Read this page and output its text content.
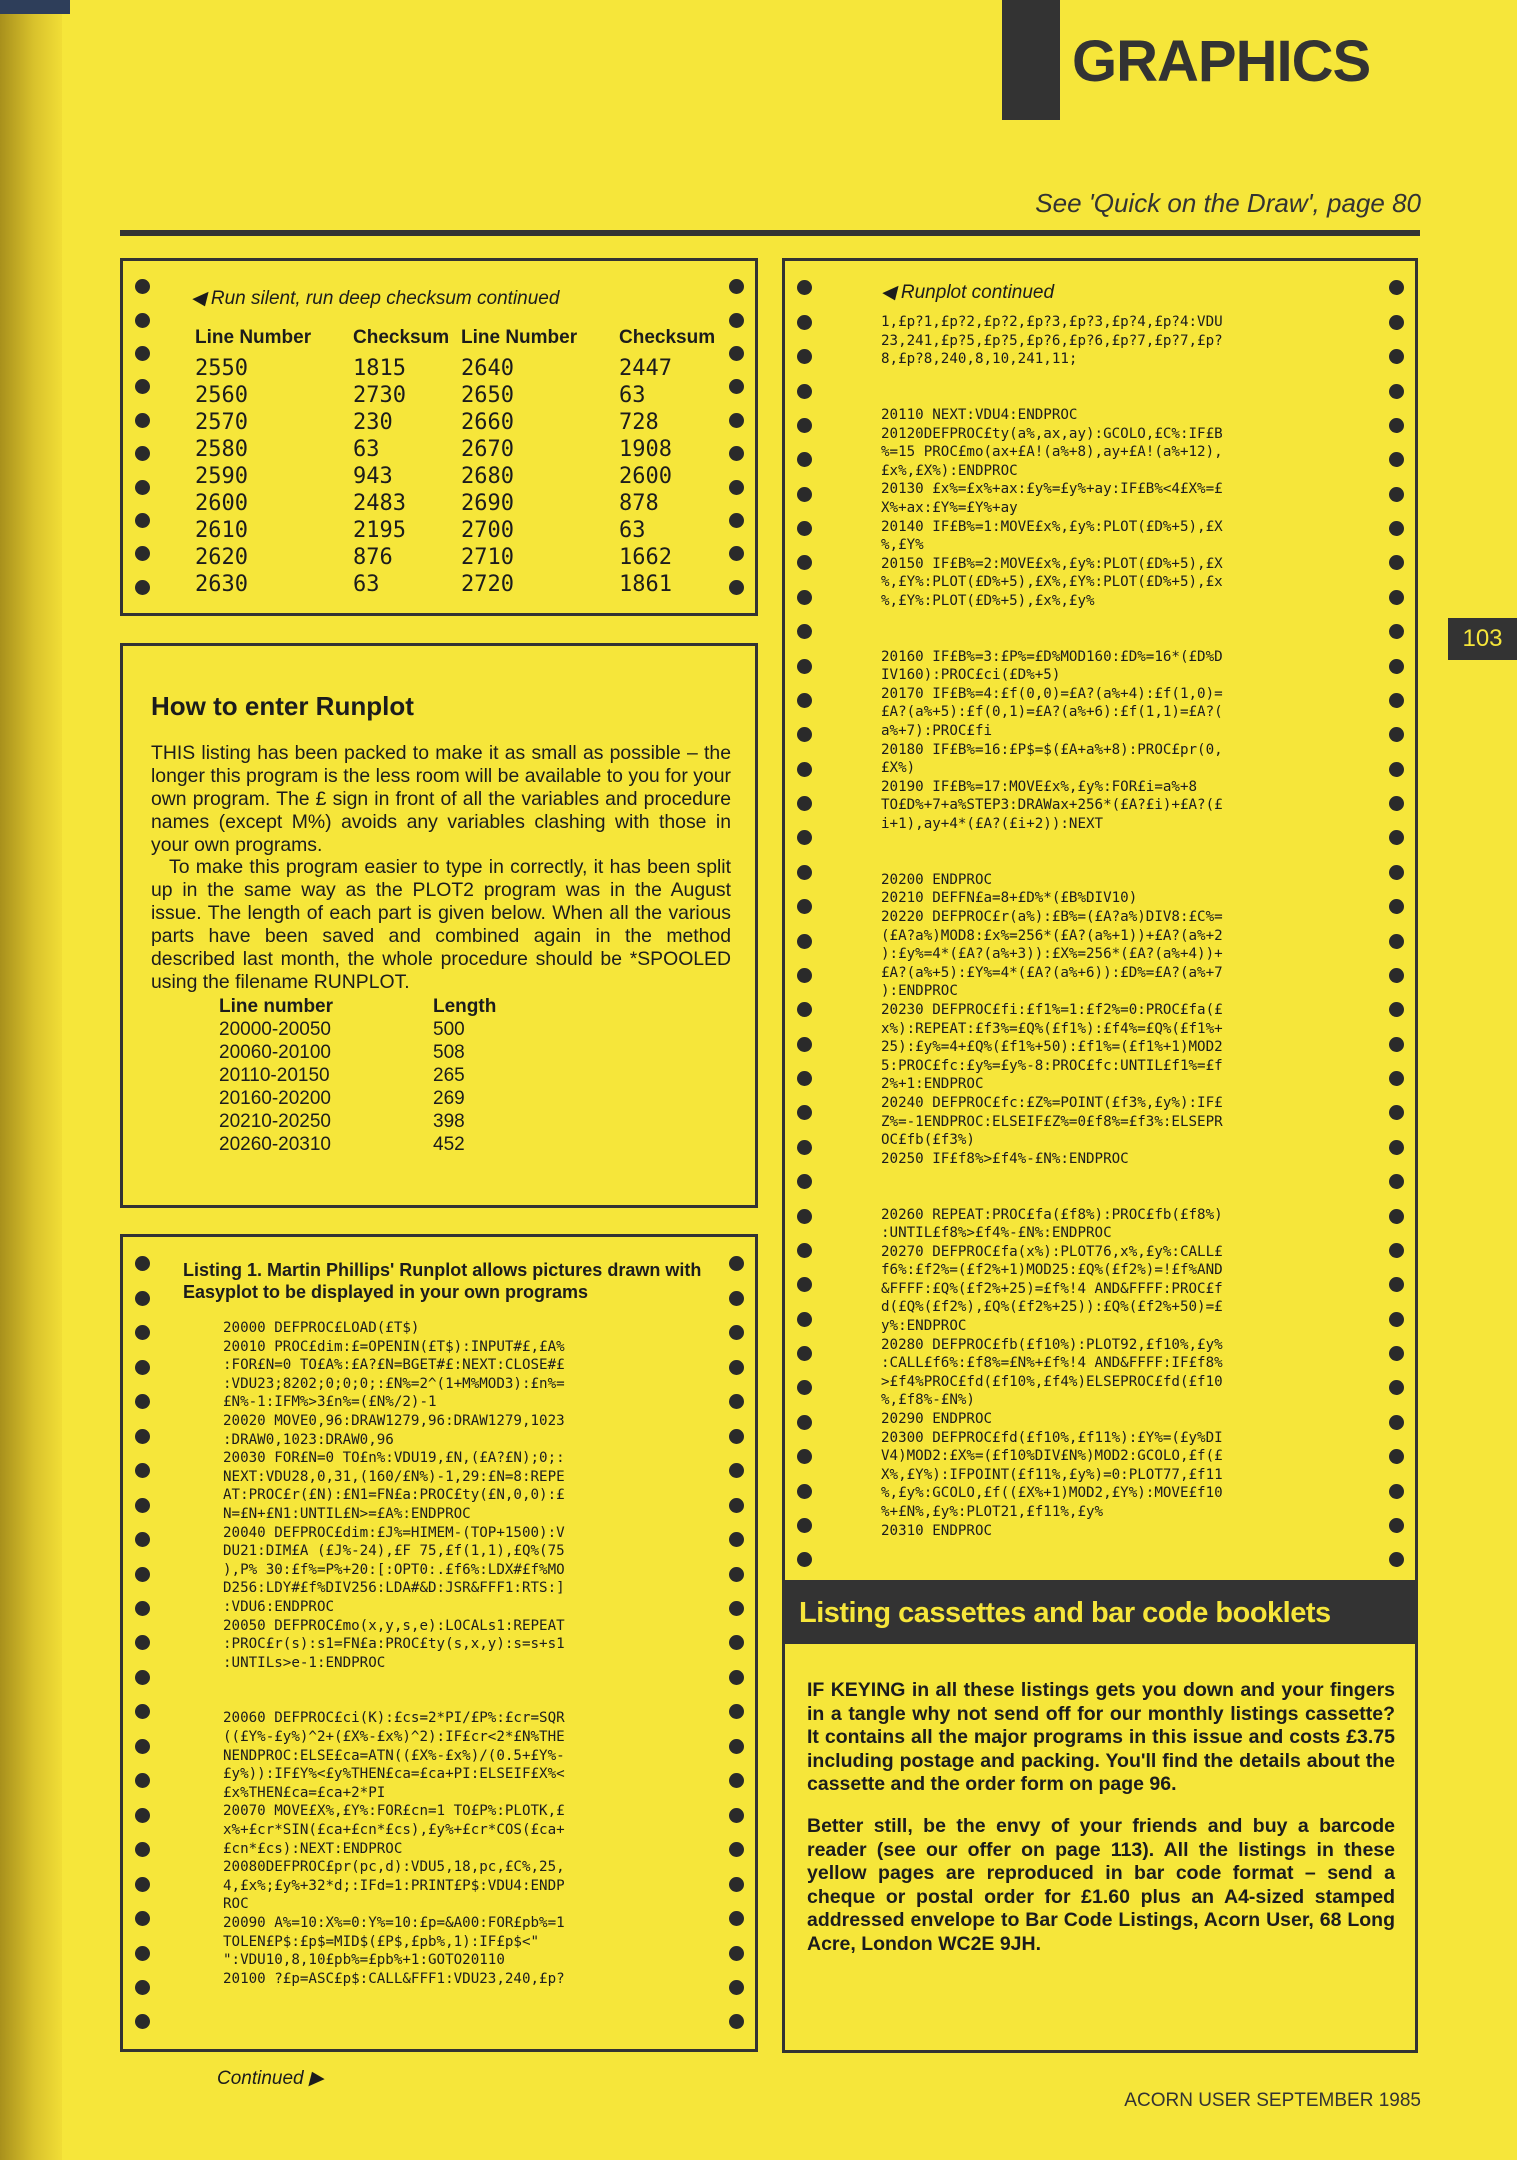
GRAPHICS
See 'Quick on the Draw', page 80
103
◀ Run silent, run deep checksum continued
Line Number	Checksum	Line Number	Checksum
2550	1815	2640	2447
2560	2730	2650	63
2570	230	2660	728
2580	63	2670	1908
2590	943	2680	2600
2600	2483	2690	878
2610	2195	2700	63
2620	876	2710	1662
2630	63	2720	1861
How to enter Runplot

THIS listing has been packed to make it as small as possible – the longer this program is the less room will be available to you for your own program. The £ sign in front of all the variables and procedure names (except M%) avoids any variables clashing with those in your own programs.

To make this program easier to type in correctly, it has been split up in the same way as the PLOT2 program was in the August issue. The length of each part is given below. When all the various parts have been saved and combined again in the method described last month, the whole procedure should be *SPOOLED using the filename RUNPLOT.

Line number	Length
20000-20050	500
20060-20100	508
20110-20150	265
20160-20200	269
20210-20250	398
20260-20310	452
Listing 1. Martin Phillips' Runplot allows pictures drawn with Easyplot to be displayed in your own programs
20000 DEFPROC£LOAD(£T$)
20010 PROC£dim:£=OPENIN(£T$):INPUT#£,£A%
:FOR£N=0 TO£A%:£A?£N=BGET#£:NEXT:CLOSE#£
:VDU23;8202;0;0;0;:£N%=2^(1+M%MOD3):£n%=
£N%-1:IFM%>3£n%=(£N%/2)-1
20020 MOVE0,96:DRAW1279,96:DRAW1279,1023
:DRAW0,1023:DRAW0,96
20030 FOR£N=0 TO£n%:VDU19,£N,(£A?£N);0;:
NEXT:VDU28,0,31,(160/£N%)-1,29:£N=8:REPE
AT:PROC£r(£N):£N1=FN£a:PROC£ty(£N,0,0):£
N=£N+£N1:UNTIL£N>=£A%:ENDPROC
20040 DEFPROC£dim:£J%=HIMEM-(TOP+1500):V
DU21:DIM£A (£J%-24),£F 75,£f(1,1),£Q%(75
),P% 30:£f%=P%+20:[:OPT0:.£f6%:LDX#£f%MO
D256:LDY#£f%DIV256:LDA#&D:JSR&FFF1:RTS:]
:VDU6:ENDPROC
20050 DEFPROC£mo(x,y,s,e):LOCALs1:REPEAT
:PROC£r(s):s1=FN£a:PROC£ty(s,x,y):s=s+s1
:UNTILs>e-1:ENDPROC

20060 DEFPROC£ci(K):£cs=2*PI/£P%:£cr=SQR
((£Y%-£y%)^2+(£X%-£x%)^2):IF£cr<2*£N%THE
NENDPROC:ELSE£ca=ATN((£X%-£x%)/(0.5+£Y%-
£y%)):IF£Y%<£y%THEN£ca=£ca+PI:ELSEIF£X%<
£x%THEN£ca=£ca+2*PI
20070 MOVE£X%,£Y%:FOR£cn=1 TO£P%:PLOTK,£
x%+£cr*SIN(£ca+£cn*£cs),£y%+£cr*COS(£ca+
£cn*£cs):NEXT:ENDPROC
20080DEFPROC£pr(pc,d):VDU5,18,pc,£C%,25,
4,£x%;£y%+32*d;:IFd=1:PRINT£P$:VDU4:ENDP
ROC
20090 A%=10:X%=0:Y%=10:£p=&A00:FOR£pb%=1
TOLEN£P$:£p$=MID$(£P$,£pb%,1):IF£p$<"
":VDU10,8,10£pb%=£pb%+1:GOTO20110
20100 ?£p=ASC£p$:CALL&FFF1:VDU23,240,£p?
Continued ▶
◀ Runplot continued
1,£p?1,£p?2,£p?2,£p?3,£p?3,£p?4,£p?4:VDU
23,241,£p?5,£p?5,£p?6,£p?6,£p?7,£p?7,£p?
8,£p?8,240,8,10,241,11;

20110 NEXT:VDU4:ENDPROC
20120DEFPROC£ty(a%,ax,ay):GCOLO,£C%:IF£B
%=15 PROC£mo(ax+£A!(a%+8),ay+£A!(a%+12),
£x%,£X%):ENDPROC
20130 £x%=£x%+ax:£y%=£y%+ay:IF£B%<4£X%=£
X%+ax:£Y%=£Y%+ay
20140 IF£B%=1:MOVE£x%,£y%:PLOT(£D%+5),£X
%,£Y%
20150 IF£B%=2:MOVE£x%,£y%:PLOT(£D%+5),£X
%,£Y%:PLOT(£D%+5),£X%,£Y%:PLOT(£D%+5),£x
%,£Y%:PLOT(£D%+5),£x%,£y%

20160 IF£B%=3:£P%=£D%MOD160:£D%=16*(£D%D
IV160):PROC£ci(£D%+5)
20170 IF£B%=4:£f(0,0)=£A?(a%+4):£f(1,0)=
£A?(a%+5):£f(0,1)=£A?(a%+6):£f(1,1)=£A?(
a%+7):PROC£fi
20180 IF£B%=16:£P$=$(£A+a%+8):PROC£pr(0,
£X%)
20190 IF£B%=17:MOVE£x%,£y%:FOR£i=a%+8
TO£D%+7+a%STEP3:DRAWax+256*(£A?£i)+£A?(£
i+1),ay+4*(£A?(£i+2)):NEXT

20200 ENDPROC
20210 DEFFN£a=8+£D%*(£B%DIV10)
20220 DEFPROC£r(a%):£B%=(£A?a%)DIV8:£C%=
(£A?a%)MOD8:£x%=256*(£A?(a%+1))+£A?(a%+2
):£y%=4*(£A?(a%+3)):£X%=256*(£A?(a%+4))+
£A?(a%+5):£Y%=4*(£A?(a%+6)):£D%=£A?(a%+7
):ENDPROC
20230 DEFPROC£fi:£f1%=1:£f2%=0:PROC£fa(£
x%):REPEAT:£f3%=£Q%(£f1%):£f4%=£Q%(£f1%+
25):£y%=4+£Q%(£f1%+50):£f1%=(£f1%+1)MOD2
5:PROC£fc:£y%=£y%-8:PROC£fc:UNTIL£f1%=£f
2%+1:ENDPROC
20240 DEFPROC£fc:£Z%=POINT(£f3%,£y%):IF£
Z%=-1ENDPROC:ELSEIF£Z%=0£f8%=£f3%:ELSEPR
OC£fb(£f3%)
20250 IF£f8%>£f4%-£N%:ENDPROC

20260 REPEAT:PROC£fa(£f8%):PROC£fb(£f8%)
:UNTIL£f8%>£f4%-£N%:ENDPROC
20270 DEFPROC£fa(x%):PLOT76,x%,£y%:CALL£
f6%:£f2%=(£f2%+1)MOD25:£Q%(£f2%)=!£f%AND
&FFFF:£Q%(£f2%+25)=£f%!4 AND&FFFF:PROC£f
d(£Q%(£f2%),£Q%(£f2%+25)):£Q%(£f2%+50)=£
y%:ENDPROC
20280 DEFPROC£fb(£f10%):PLOT92,£f10%,£y%
:CALL£f6%:£f8%=£N%+£f%!4 AND&FFFF:IF£f8%
>£f4%PROC£fd(£f10%,£f4%)ELSEPROC£fd(£f10
%,£f8%-£N%)
20290 ENDPROC
20300 DEFPROC£fd(£f10%,£f11%):£Y%=(£y%DI
V4)MOD2:£X%=(£f10%DIV£N%)MOD2:GCOLO,£f(£
X%,£Y%):IFPOINT(£f11%,£y%)=0:PLOT77,£f11
%,£y%:GCOLO,£f((£X%+1)MOD2,£Y%):MOVE£f10
%+£N%,£y%:PLOT21,£f11%,£y%
20310 ENDPROC
Listing cassettes and bar code booklets

IF KEYING in all these listings gets you down and your fingers in a tangle why not send off for our monthly listings cassette? It contains all the major programs in this issue and costs £3.75 including postage and packing. You'll find the details about the cassette and the order form on page 96.

Better still, be the envy of your friends and buy a barcode reader (see our offer on page 113). All the listings in these yellow pages are reproduced in bar code format – send a cheque or postal order for £1.60 plus an A4-sized stamped addressed envelope to Bar Code Listings, Acorn User, 68 Long Acre, London WC2E 9JH.

ACORN USER SEPTEMBER 1985
